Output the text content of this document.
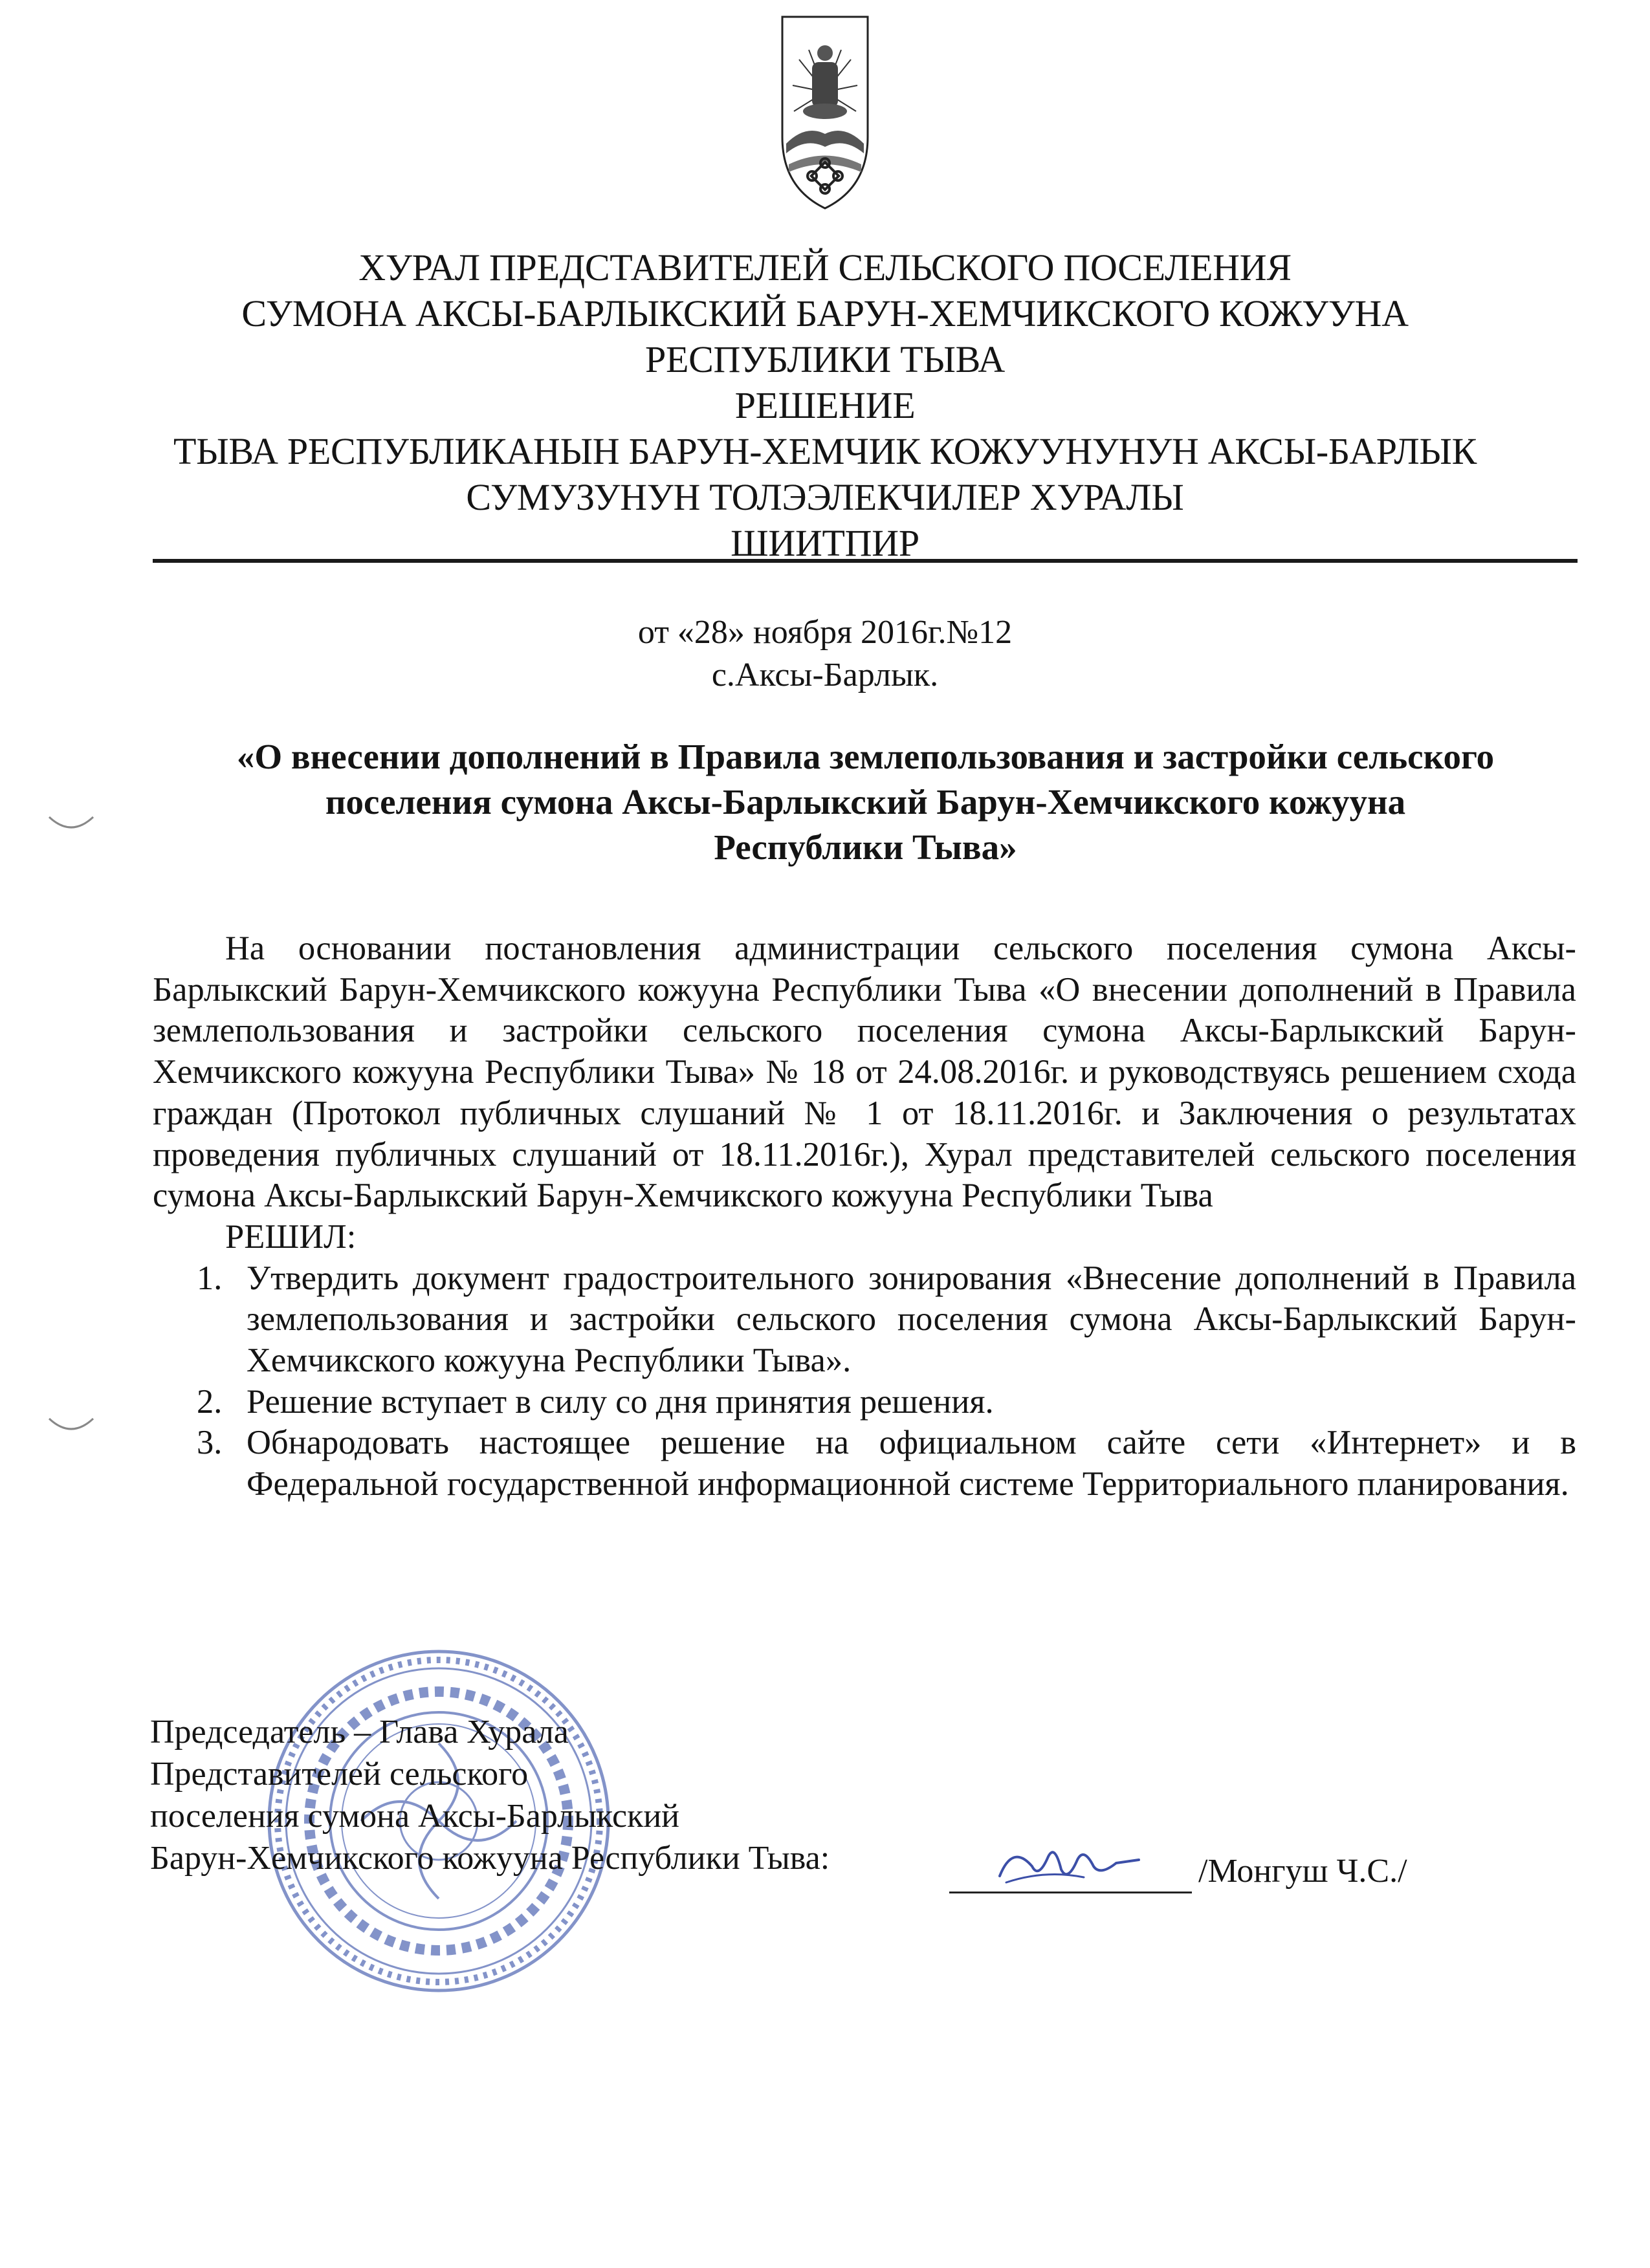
ХУРАЛ ПРЕДСТАВИТЕЛЕЙ СЕЛЬСКОГО ПОСЕЛЕНИЯ
СУМОНА АКСЫ-БАРЛЫКСКИЙ БАРУН-ХЕМЧИКСКОГО КОЖУУНА
РЕСПУБЛИКИ ТЫВА
РЕШЕНИЕ
ТЫВА РЕСПУБЛИКАНЫН БАРУН-ХЕМЧИК КОЖУУНУНУН АКСЫ-БАРЛЫК
СУМУЗУНУН ТОЛЭЭЛЕКЧИЛЕР ХУРАЛЫ
ШИИТПИР
от «28» ноября 2016г.№12
с.Аксы-Барлык.
«О внесении дополнений в Правила землепользования и застройки сельского
поселения сумона Аксы-Барлыкский Барун-Хемчикского кожууна
Республики Тыва»

На основании постановления администрации сельского поселения сумона Аксы-Барлыкский Барун-Хемчикского кожууна Республики Тыва «О внесении дополнений в Правила землепользования и застройки сельского поселения сумона Аксы-Барлыкский Барун-Хемчикского кожууна Республики Тыва» № 18 от 24.08.2016г. и руководствуясь решением схода граждан (Протокол публичных слушаний № 1 от 18.11.2016г. и Заключения о результатах проведения публичных слушаний от 18.11.2016г.), Хурал представителей сельского поселения сумона Аксы-Барлыкский Барун-Хемчикского кожууна Республики Тыва

РЕШИЛ:
1. Утвердить документ градостроительного зонирования «Внесение дополнений в Правила землепользования и застройки сельского поселения сумона Аксы-Барлыкский Барун-Хемчикского кожууна Республики Тыва».
2. Решение вступает в силу со дня принятия решения.
3. Обнародовать настоящее решение на официальном сайте сети «Интернет» и в Федеральной государственной информационной системе Территориального планирования.
Председатель – Глава Хурала
Представителей сельского
поселения сумона Аксы-Барлыкский
Барун-Хемчикского кожууна Республики Тыва:	/Монгуш Ч.С./
